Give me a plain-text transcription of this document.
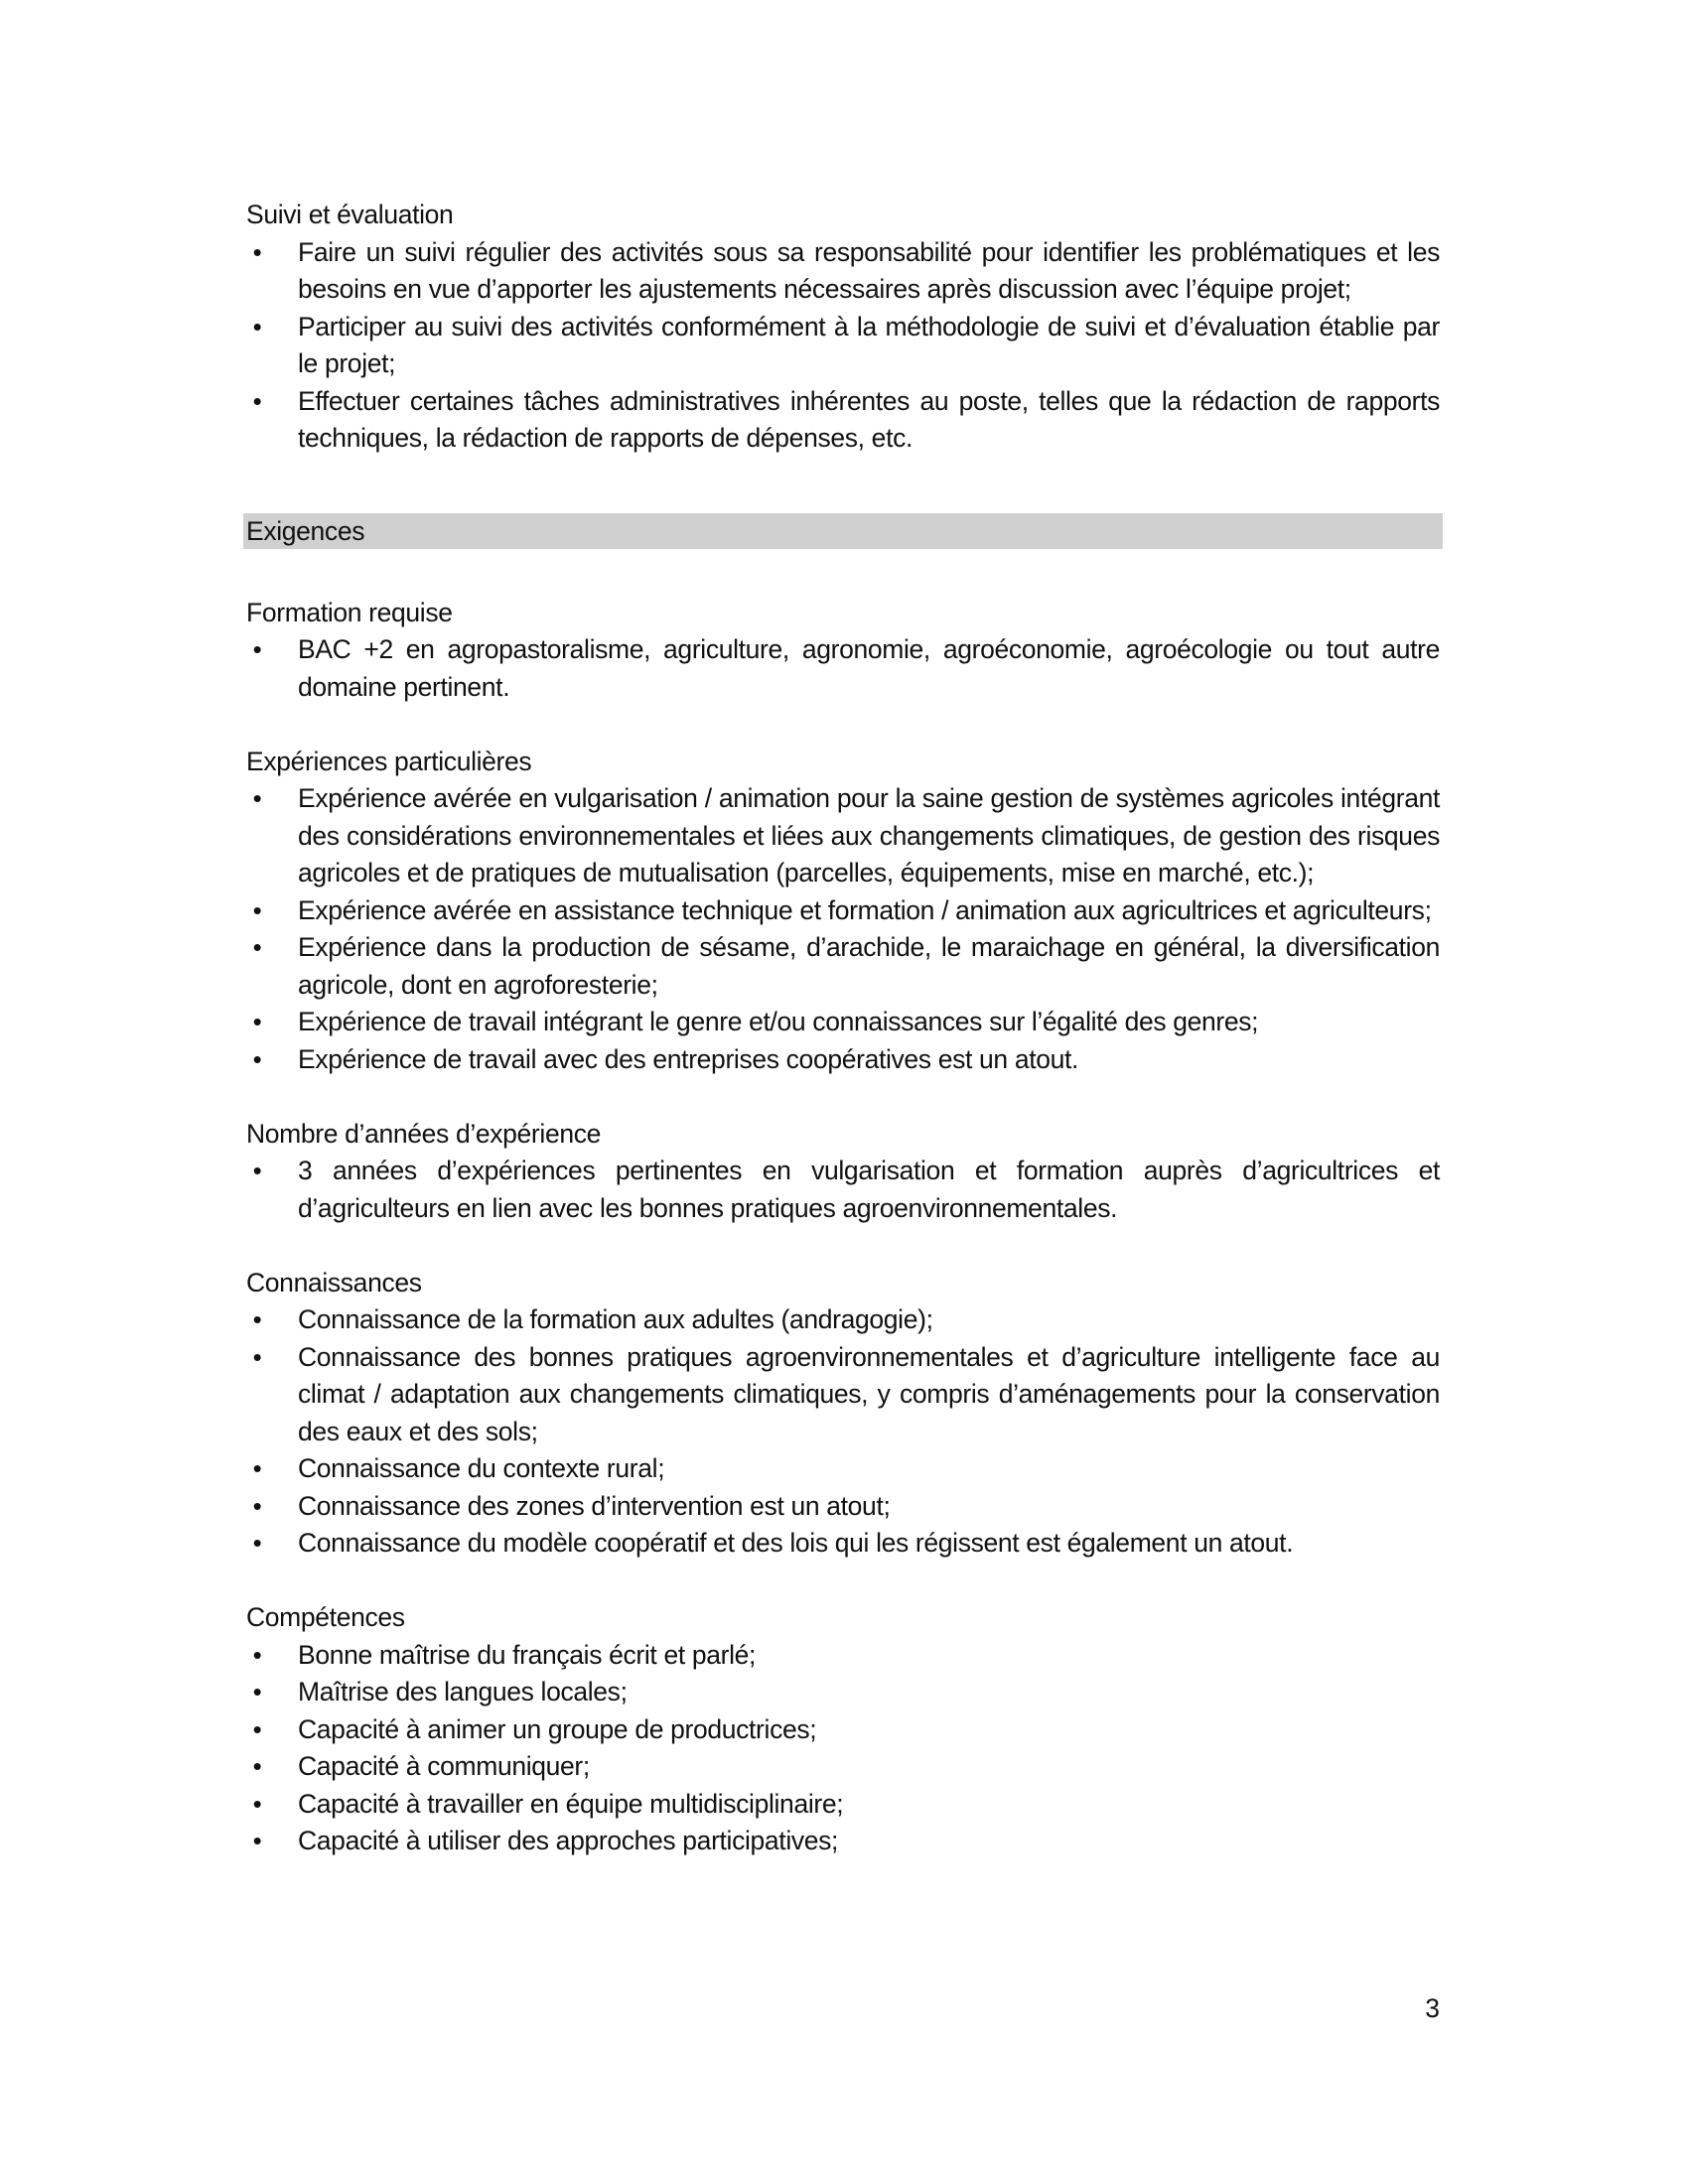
Suivi et évaluation
• Faire un suivi régulier des activités sous sa responsabilité pour identifier les problématiques et les besoins en vue d’apporter les ajustements nécessaires après discussion avec l’équipe projet;
• Participer au suivi des activités conformément à la méthodologie de suivi et d’évaluation établie par le projet;
• Effectuer certaines tâches administratives inhérentes au poste, telles que la rédaction de rapports techniques, la rédaction de rapports de dépenses, etc.
Exigences
Formation requise
• BAC +2 en agropastoralisme, agriculture, agronomie, agroéconomie, agroécologie ou tout autre domaine pertinent.
Expériences particulières
• Expérience avérée en vulgarisation / animation pour la saine gestion de systèmes agricoles intégrant des considérations environnementales et liées aux changements climatiques, de gestion des risques agricoles et de pratiques de mutualisation (parcelles, équipements, mise en marché, etc.);
• Expérience avérée en assistance technique et formation / animation aux agricultrices et agriculteurs;
• Expérience dans la production de sésame, d’arachide, le maraichage en général, la diversification agricole, dont en agroforesterie;
• Expérience de travail intégrant le genre et/ou connaissances sur l’égalité des genres;
• Expérience de travail avec des entreprises coopératives est un atout.
Nombre d’années d’expérience
• 3 années d’expériences pertinentes en vulgarisation et formation auprès d’agricultrices et d’agriculteurs en lien avec les bonnes pratiques agroenvironnementales.
Connaissances
• Connaissance de la formation aux adultes (andragogie);
• Connaissance des bonnes pratiques agroenvironnementales et d’agriculture intelligente face au climat / adaptation aux changements climatiques, y compris d’aménagements pour la conservation des eaux et des sols;
• Connaissance du contexte rural;
• Connaissance des zones d’intervention est un atout;
• Connaissance du modèle coopératif et des lois qui les régissent est également un atout.
Compétences
• Bonne maîtrise du français écrit et parlé;
• Maîtrise des langues locales;
• Capacité à animer un groupe de productrices;
• Capacité à communiquer;
• Capacité à travailler en équipe multidisciplinaire;
• Capacité à utiliser des approches participatives;
3
